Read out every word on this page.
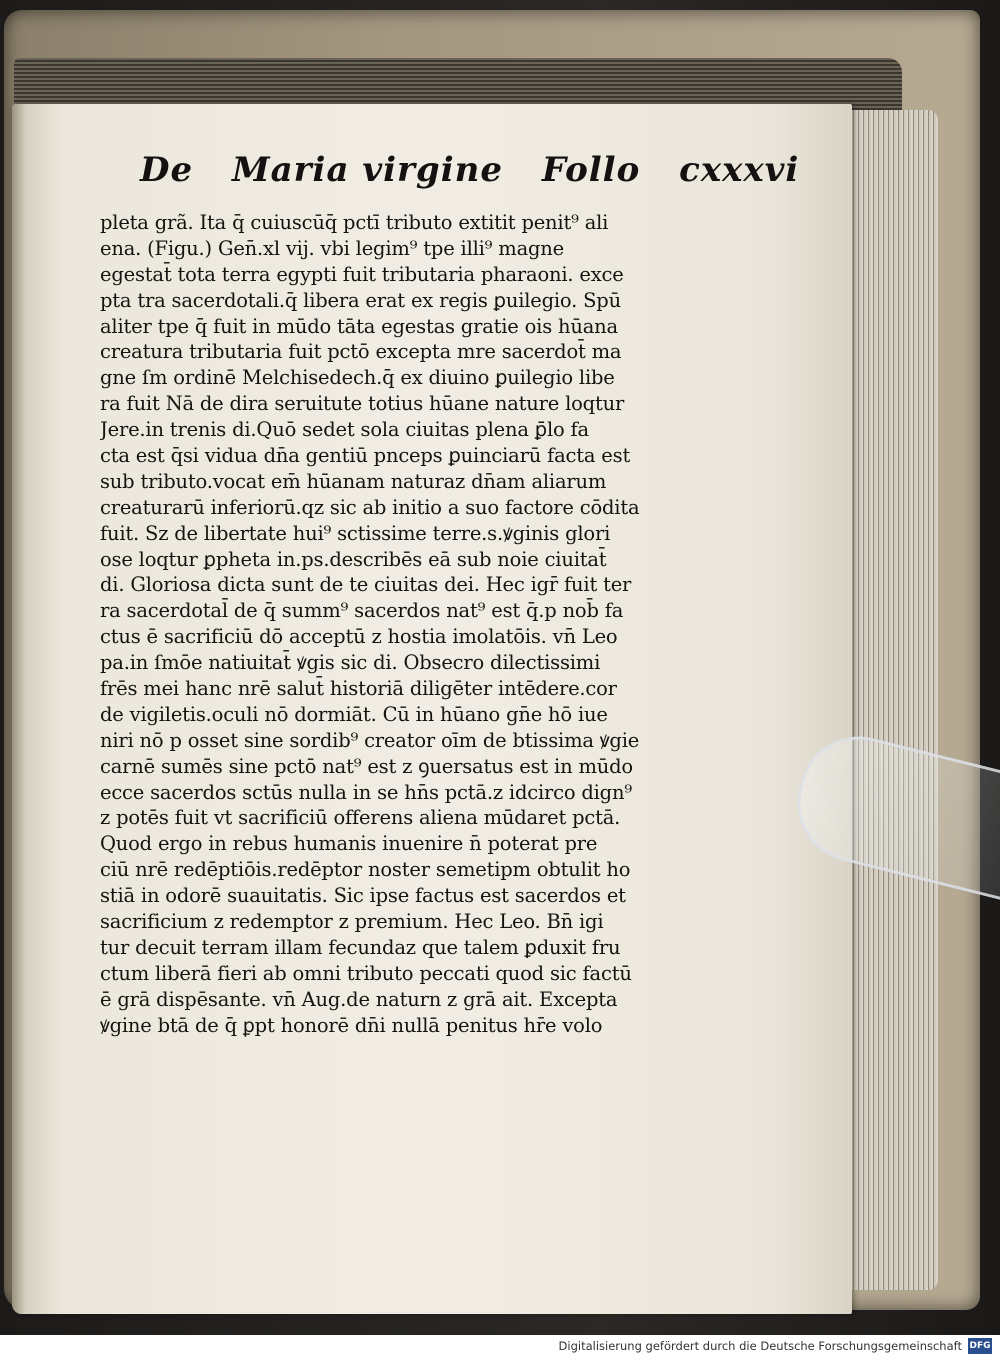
De Maria virgine Follo cxxxvi
pleta grã. Ita q̄ cuiuscūq̄ pctī tributo extitit penit⁹ ali
ena. (Figu.) Gen̄.xl vij. vbi legim⁹ tpe illi⁹ magne
egestat̄ tota terra egypti fuit tributaria pharaoni. exce
pta tra sacerdotali.q̄ libera erat ex regis ꝑuilegio. Spū
aliter tpe q̄ fuit in mūdo tāta egestas gratie ois hūana
creatura tributaria fuit pctō excepta mre sacerdot̄ ma
gne ſm ordinē Melchisedech.q̄ ex diuino ꝑuilegio libe
ra fuit Nā de dira seruitute totius hūane nature loqtur
Jere.in trenis di.Quō sedet sola ciuitas plena ꝑ̄lo fa
cta est q̄si vidua dn̄a gentiū pnceps ꝑuinciarū facta est
sub tributo.vocat em̄ hūanam naturaz dn̄am aliarum
creaturarū inferiorū.qz sic ab initio a suo factore cōdita
fuit. Sz de libertate hui⁹ sctissime terre.s.ꝟginis glori
ose loqtur ꝑpheta in.ps.describēs eā sub noie ciuitat̄
di. Gloriosa dicta sunt de te ciuitas dei. Hec igr̄ fuit ter
ra sacerdotal̄ de q̄ summ⁹ sacerdos nat⁹ est q̄.p nob̄ fa
ctus ē sacrificiū dō acceptū z hostia imolatōis. vn̄ Leo
pa.in ſmōe natiuitat̄ ꝟgis sic di. Obsecro dilectissimi
frēs mei hanc nrē salut̄ historiā diligēter intēdere.cor
de vigiletis.oculi nō dormiāt. Cū in hūano gn̄e hō iue
niri nō p osset sine sordib⁹ creator oīm de btissima ꝟgie
carnē sumēs sine pctō nat⁹ est z ꝯuersatus est in mūdo
ecce sacerdos sctūs nulla in se hn̄s pctā.z idcirco dign⁹
z potēs fuit vt sacrificiū offerens aliena mūdaret pctā.
Quod ergo in rebus humanis inuenire n̄ poterat pre
ciū nrē redēptiōis.redēptor noster semetipm obtulit ho
stiā in odorē suauitatis. Sic ipse factus est sacerdos et
sacrificium z redemptor z premium. Hec Leo. Bn̄ igi
tur decuit terram illam fecundaz que talem ꝑduxit fru
ctum liberā fieri ab omni tributo peccati quod sic factū
ē grā dispēsante. vn̄ Aug.de naturn z grā ait. Excepta
ꝟgine btā de q̄ ꝑpt honorē dn̄i nullā penitus hr̄e volo
Digitalisierung gefördert durch die Deutsche Forschungsgemeinschaft DFG
